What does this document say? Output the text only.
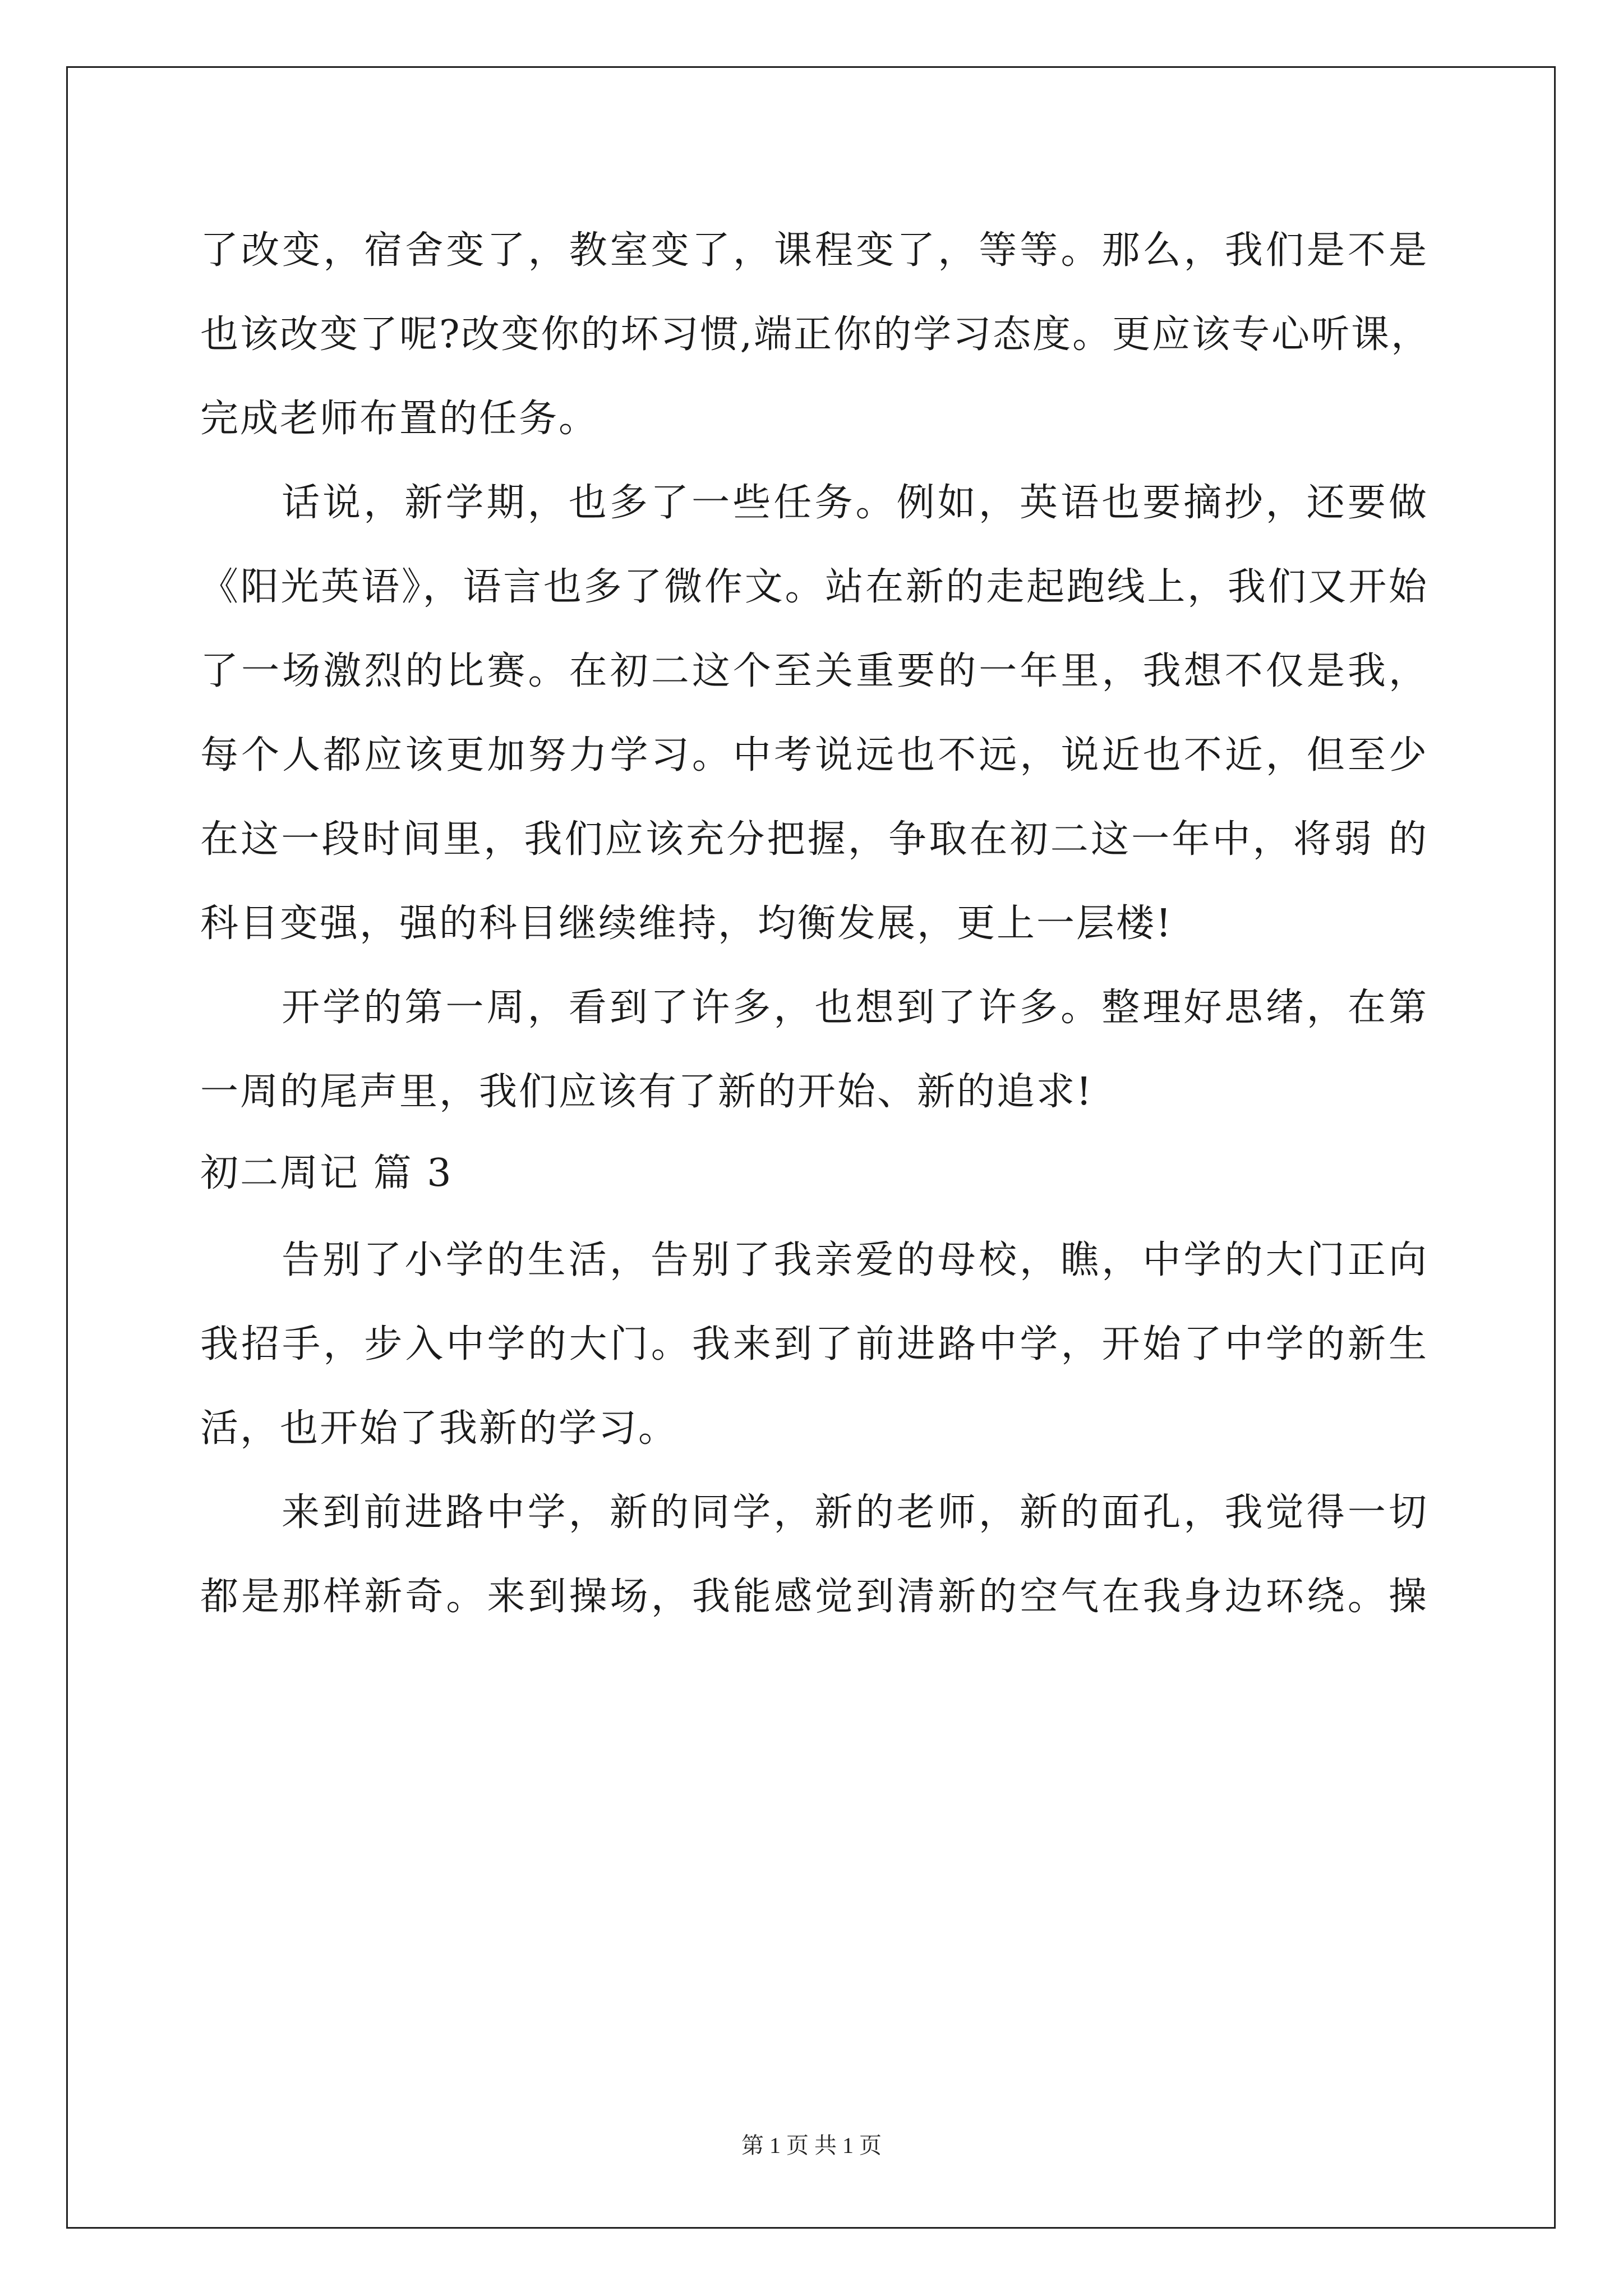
了改变，宿舍变了，教室变了，课程变了，等等。那么，我们是不是
也该改变了呢?改变你的坏习惯,端正你的学习态度。更应该专心听课，
完成老师布置的任务。
话说，新学期，也多了一些任务。例如，英语也要摘抄，还要做
《阳光英语》，语言也多了微作文。站在新的走起跑线上，我们又开始
了一场激烈的比赛。在初二这个至关重要的一年里，我想不仅是我，
每个人都应该更加努力学习。中考说远也不远，说近也不近，但至少
在这一段时间里，我们应该充分把握，争取在初二这一年中，将弱 的
科目变强，强的科目继续维持，均衡发展，更上一层楼!
开学的第一周，看到了许多，也想到了许多。整理好思绪，在第
一周的尾声里，我们应该有了新的开始、新的追求!
初二周记 篇 3
告别了小学的生活，告别了我亲爱的母校，瞧，中学的大门正向
我招手，步入中学的大门。我来到了前进路中学，开始了中学的新生
活，也开始了我新的学习。
来到前进路中学，新的同学，新的老师，新的面孔，我觉得一切
都是那样新奇。来到操场，我能感觉到清新的空气在我身边环绕。操
第 1 页 共 1 页
